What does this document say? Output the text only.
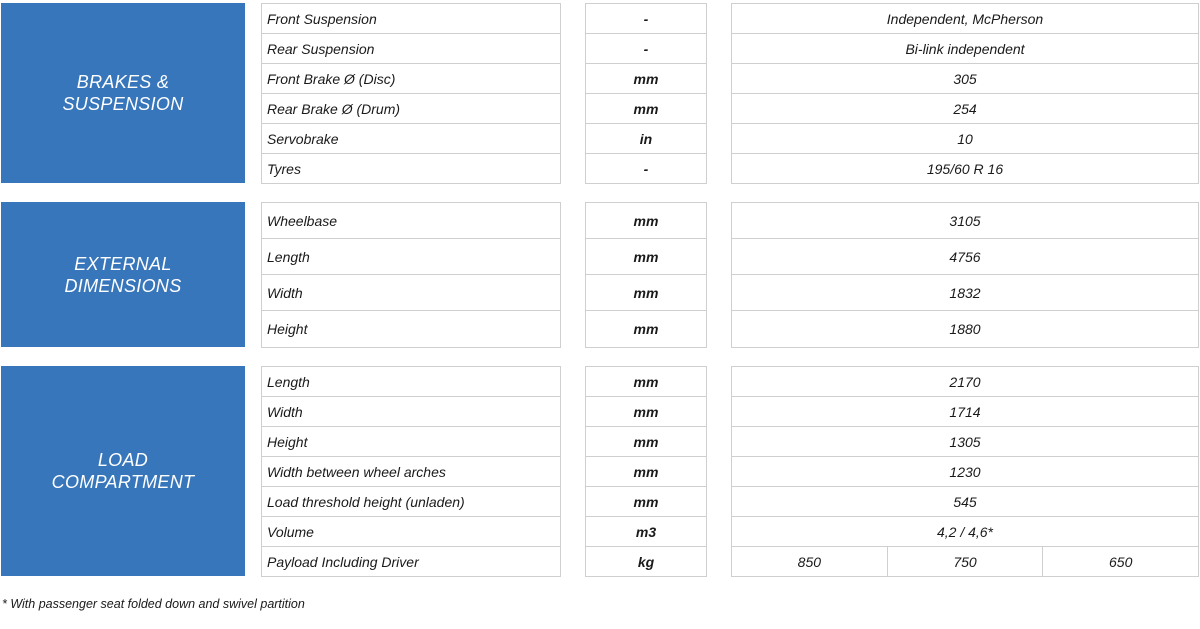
BRAKES &
SUSPENSION
Front Suspension
Rear Suspension
Front Brake Ø (Disc)
Rear Brake Ø (Drum)
Servobrake
Tyres
-
-
mm
mm
in
-
Independent, McPherson
Bi-link independent
305
254
10
195/60 R 16
EXTERNAL
DIMENSIONS
Wheelbase
Length
Width
Height
mm
mm
mm
mm
3105
4756
1832
1880
LOAD
COMPARTMENT
Length
Width
Height
Width between wheel arches
Load threshold height (unladen)
Volume
Payload Including Driver
mm
mm
mm
mm
mm
m3
kg
2170
1714
1305
1230
545
4,2 / 4,6*
850	750	650
* With passenger seat folded down and swivel partition
